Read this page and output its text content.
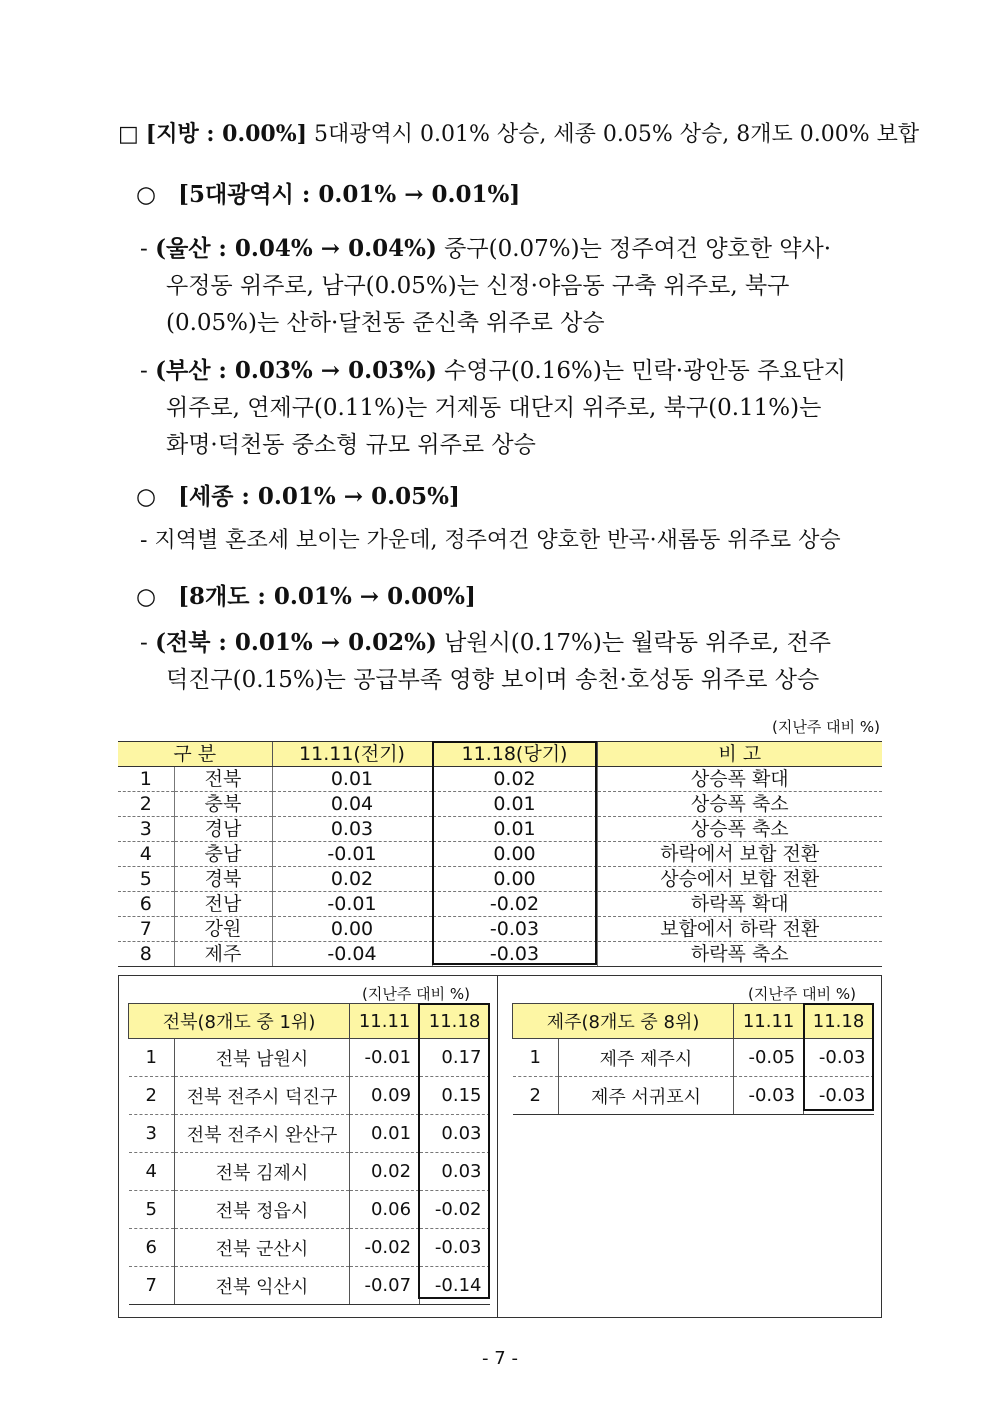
□ [지방 : 0.00%] 5대광역시 0.01% 상승, 세종 0.05% 상승, 8개도 0.00% 보합
○ [5대광역시 : 0.01% → 0.01%]
- (울산 : 0.04% → 0.04%) 중구(0.07%)는 정주여건 양호한 약사·
우정동 위주로, 남구(0.05%)는 신정·야음동 구축 위주로, 북구
(0.05%)는 산하·달천동 준신축 위주로 상승
- (부산 : 0.03% → 0.03%) 수영구(0.16%)는 민락·광안동 주요단지
위주로, 연제구(0.11%)는 거제동 대단지 위주로, 북구(0.11%)는
화명·덕천동 중소형 규모 위주로 상승
○ [세종 : 0.01% → 0.05%]
- 지역별 혼조세 보이는 가운데, 정주여건 양호한 반곡·새롬동 위주로 상승
○ [8개도 : 0.01% → 0.00%]
- (전북 : 0.01% → 0.02%) 남원시(0.17%)는 월락동 위주로, 전주
덕진구(0.15%)는 공급부족 영향 보이며 송천·호성동 위주로 상승
(지난주 대비 %)
구 분		11.11(전기)	11.18(당기)	비 고
1	전북	0.01	0.02	상승폭 확대
2	충북	0.04	0.01	상승폭 축소
3	경남	0.03	0.01	상승폭 축소
4	충남	-0.01	0.00	하락에서 보합 전환
5	경북	0.02	0.00	상승에서 보합 전환
6	전남	-0.01	-0.02	하락폭 확대
7	강원	0.00	-0.03	보합에서 하락 전환
8	제주	-0.04	-0.03	하락폭 축소
(지난주 대비 %)
전북(8개도 중 1위)		11.11	11.18
1	전북 남원시	-0.01	0.17
2	전북 전주시 덕진구	0.09	0.15
3	전북 전주시 완산구	0.01	0.03
4	전북 김제시	0.02	0.03
5	전북 정읍시	0.06	-0.02
6	전북 군산시	-0.02	-0.03
7	전북 익산시	-0.07	-0.14
(지난주 대비 %)
제주(8개도 중 8위)		11.11	11.18
1	제주 제주시	-0.05	-0.03
2	제주 서귀포시	-0.03	-0.03
- 7 -
